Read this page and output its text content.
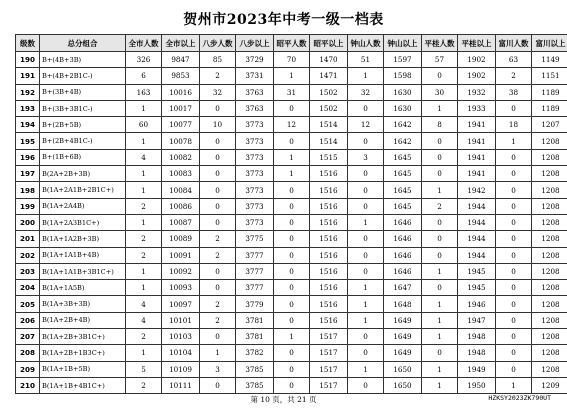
贺州市2023年中考一级一档表
级数	总分组合	全市人数	全市以上	八步人数	八步以上	昭平人数	昭平以上	钟山人数	钟山以上	平桂人数	平桂以上	富川人数	富川以上
190	B+(4B+3B)	326	9847	85	3729	70	1470	51	1597	57	1902	63	1149
191	B+(4B+2B1C-)	6	9853	2	3731	1	1471	1	1598	0	1902	2	1151
192	B+(3B+4B)	163	10016	32	3763	31	1502	32	1630	30	1932	38	1189
193	B+(3B+3B1C-)	1	10017	0	3763	0	1502	0	1630	1	1933	0	1189
194	B+(2B+5B)	60	10077	10	3773	12	1514	12	1642	8	1941	18	1207
195	B+(2B+4B1C-)	1	10078	0	3773	0	1514	0	1642	0	1941	1	1208
196	B+(1B+6B)	4	10082	0	3773	1	1515	3	1645	0	1941	0	1208
197	B(2A+2B+3B)	1	10083	0	3773	1	1516	0	1645	0	1941	0	1208
198	B(1A+2A1B+2B1C+)	1	10084	0	3773	0	1516	0	1645	1	1942	0	1208
199	B(1A+2A4B)	2	10086	0	3773	0	1516	0	1645	2	1944	0	1208
200	B(1A+2A3B1C+)	1	10087	0	3773	0	1516	1	1646	0	1944	0	1208
201	B(1A+1A2B+3B)	2	10089	2	3775	0	1516	0	1646	0	1944	0	1208
202	B(1A+1A1B+4B)	2	10091	2	3777	0	1516	0	1646	0	1944	0	1208
203	B(1A+1A1B+3B1C+)	1	10092	0	3777	0	1516	0	1646	1	1945	0	1208
204	B(1A+1A5B)	1	10093	0	3777	0	1516	1	1647	0	1945	0	1208
205	B(1A+3B+3B)	4	10097	2	3779	0	1516	1	1648	1	1946	0	1208
206	B(1A+2B+4B)	4	10101	2	3781	0	1516	1	1649	1	1947	0	1208
207	B(1A+2B+3B1C+)	2	10103	0	3781	1	1517	0	1649	1	1948	0	1208
208	B(1A+2B+1B3C+)	1	10104	1	3782	0	1517	0	1649	0	1948	0	1208
209	B(1A+1B+5B)	5	10109	3	3785	0	1517	1	1650	1	1949	0	1208
210	B(1A+1B+4B1C+)	2	10111	0	3785	0	1517	0	1650	1	1950	1	1209
第 10 页，共 21 页	HZKSY2023ZK790UT
